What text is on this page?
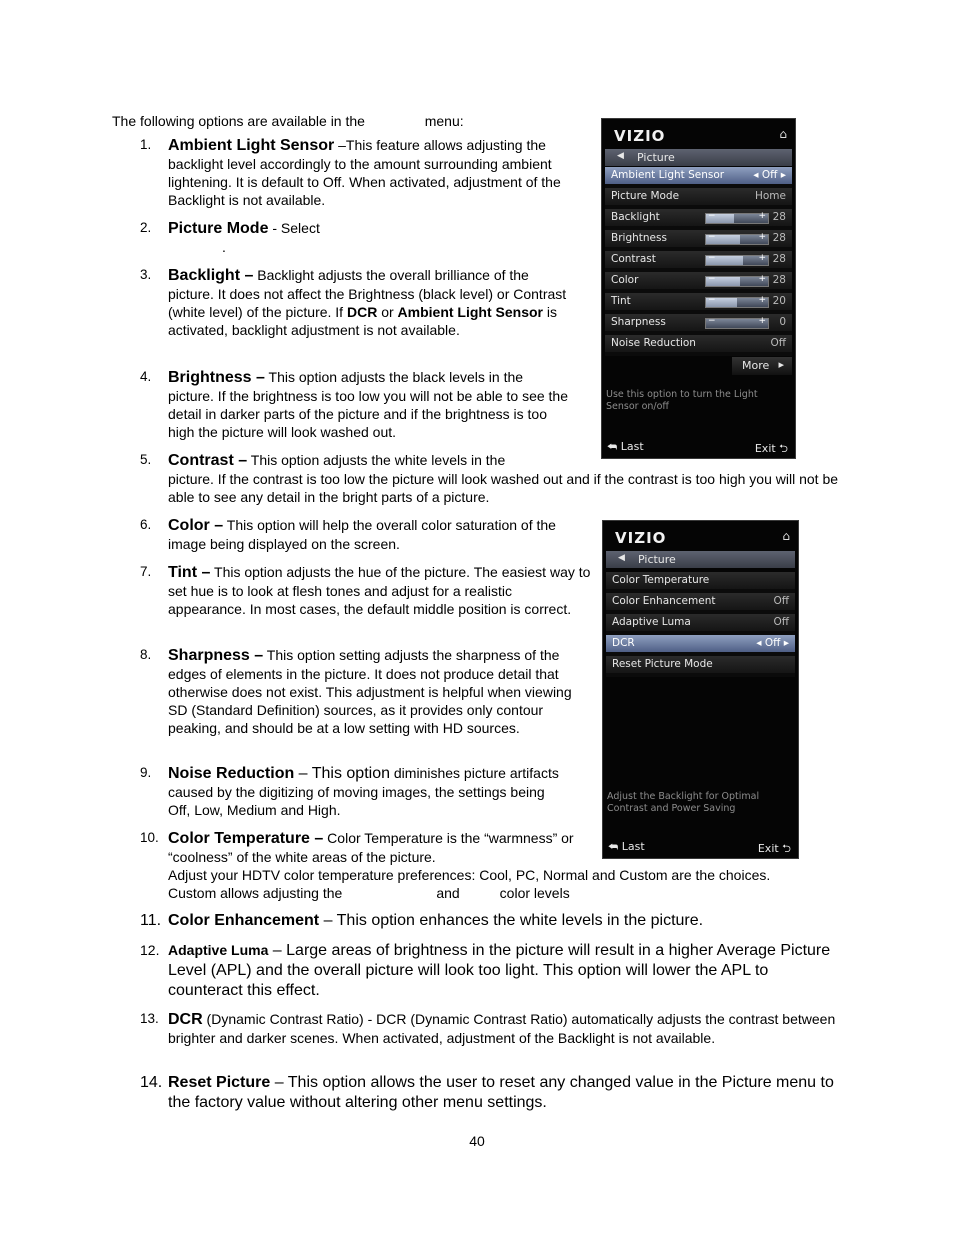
The following options are available in the	menu:
1. Ambient Light Sensor –This feature allows adjusting the backlight level accordingly to the amount surrounding ambient lightening. It is default to Off. When activated, adjustment of the Backlight is not available.
2. Picture Mode - Select
.
3. Backlight – Backlight adjusts the overall brilliance of the picture. It does not affect the Brightness (black level) or Contrast (white level) of the picture. If DCR or Ambient Light Sensor is activated, backlight adjustment is not available.
4. Brightness – This option adjusts the black levels in the picture. If the brightness is too low you will not be able to see the detail in darker parts of the picture and if the brightness is too high the picture will look washed out.
5. Contrast – This option adjusts the white levels in the
picture. If the contrast is too low the picture will look washed out and if the contrast is too high you will not be able to see any detail in the bright parts of a picture.
6. Color – This option will help the overall color saturation of the image being displayed on the screen.
7. Tint – This option adjusts the hue of the picture. The easiest way to set hue is to look at flesh tones and adjust for a realistic appearance. In most cases, the default middle position is correct.
8. Sharpness – This option setting adjusts the sharpness of the edges of elements in the picture. It does not produce detail that otherwise does not exist. This adjustment is helpful when viewing SD (Standard Definition) sources, as it provides only contour peaking, and should be at a low setting with HD sources.
9. Noise Reduction – This option diminishes picture artifacts caused by the digitizing of moving images, the settings being Off, Low, Medium and High.
10. Color Temperature – Color Temperature is the “warmness” or “coolness” of the white areas of the picture.
Adjust your HDTV color temperature preferences: Cool, PC, Normal and Custom are the choices.
Custom allows adjusting the	and	color levels
11. Color Enhancement – This option enhances the white levels in the picture.
12. Adaptive Luma – Large areas of brightness in the picture will result in a higher Average Picture Level (APL) and the overall picture will look too light. This option will lower the APL to counteract this effect.
13. DCR (Dynamic Contrast Ratio) - DCR (Dynamic Contrast Ratio) automatically adjusts the contrast between brighter and darker scenes. When activated, adjustment of the Backlight is not available.
14. Reset Picture – This option allows the user to reset any changed value in the Picture menu to the factory value without altering other menu settings.
VIZIO	⌂
◀ Picture
Ambient Light Sensor	◂ Off ▸
Picture Mode	Home
Backlight	−	+ 28
Brightness	−	+ 28
Contrast	−	+ 28
Color	−	+ 28
Tint	−	+ 20
Sharpness	−	+ 0
Noise Reduction	Off
More ▸
Use this option to turn the Light Sensor on/off
⮪ Last	Exit ⮌
VIZIO	⌂
◀ Picture
Color Temperature
Color Enhancement	Off
Adaptive Luma	Off
DCR	◂ Off ▸
Reset Picture Mode
Adjust the Backlight for Optimal Contrast and Power Saving
⮪ Last	Exit ⮌
40
